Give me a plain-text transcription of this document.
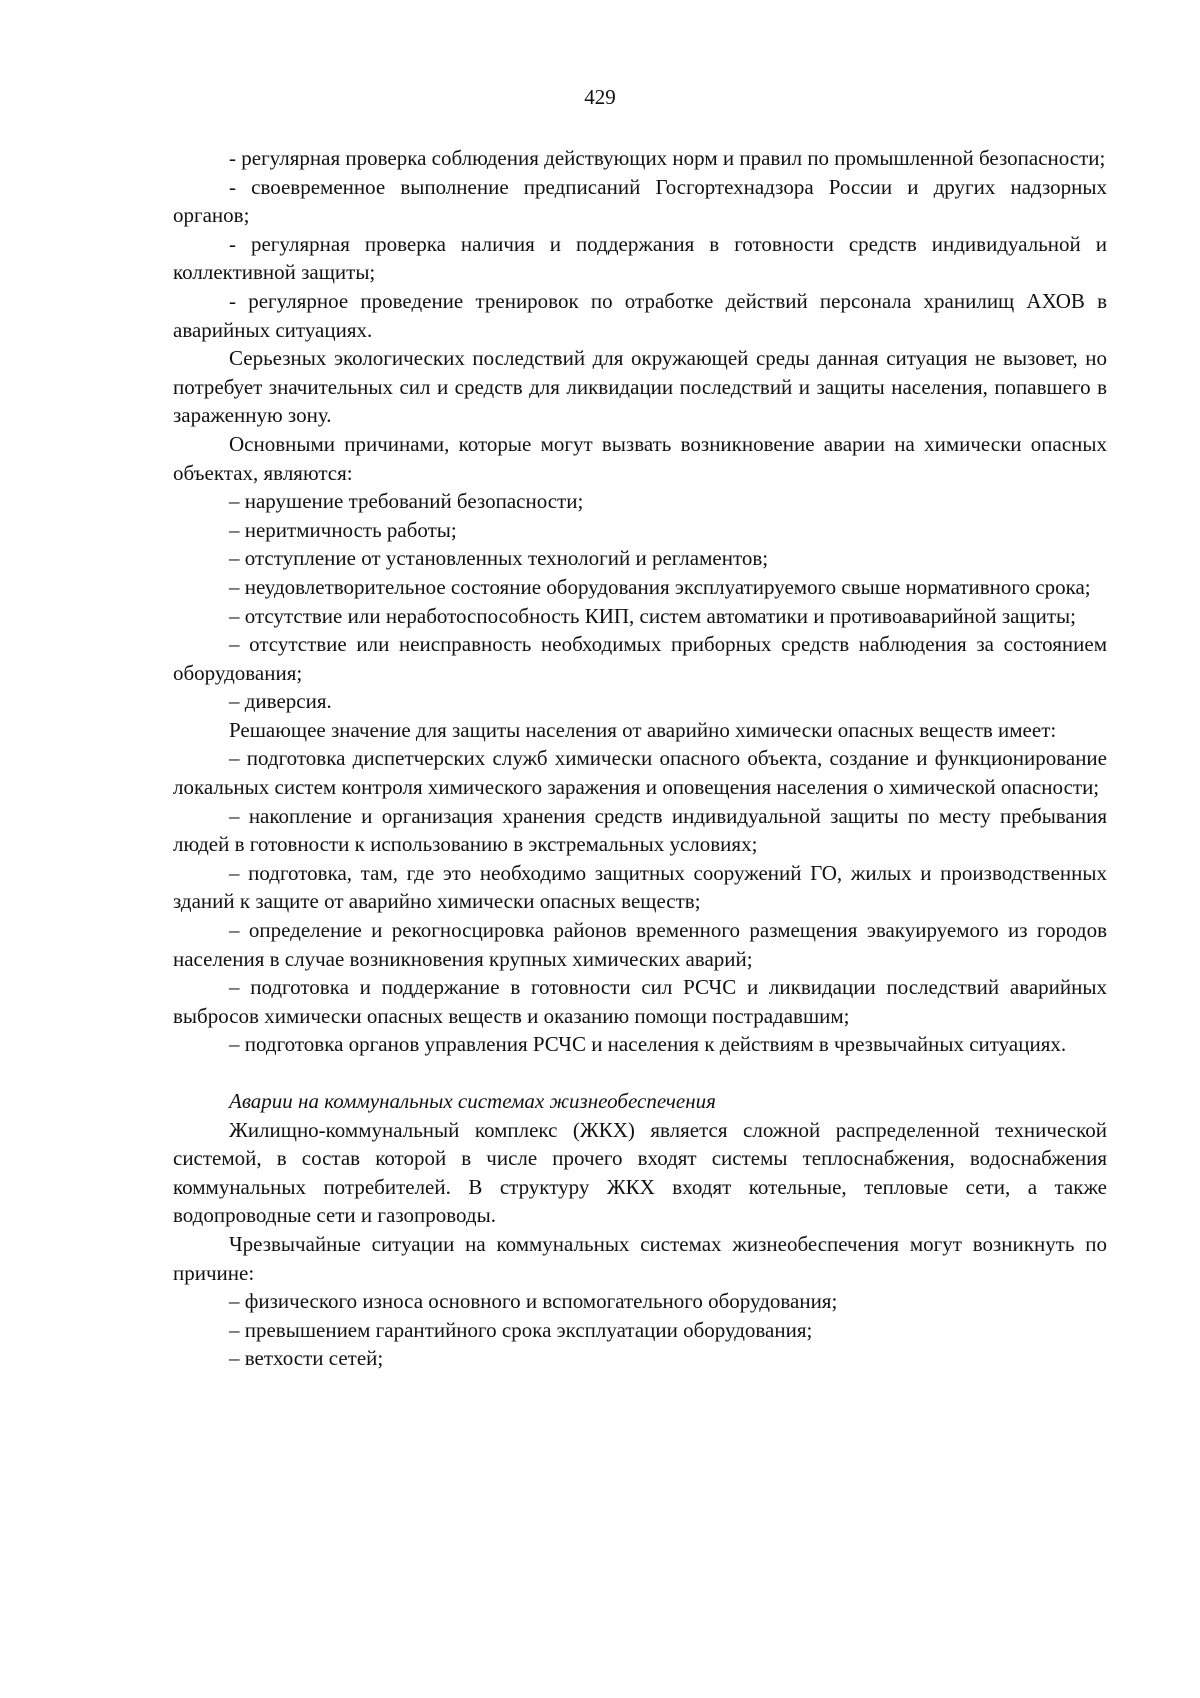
429

- регулярная проверка соблюдения действующих норм и правил по промышленной безопасности;

- своевременное выполнение предписаний Госгортехнадзора России и других надзорных органов;

- регулярная проверка наличия и поддержания в готовности средств индивидуальной и коллективной защиты;

- регулярное проведение тренировок по отработке действий персонала хранилищ АХОВ в аварийных ситуациях.

Серьезных экологических последствий для окружающей среды данная ситуация не вызовет, но потребует значительных сил и средств для ликвидации последствий и защиты населения, попавшего в зараженную зону.

Основными причинами, которые могут вызвать возникновение аварии на химически опасных объектах, являются:

– нарушение требований безопасности;

– неритмичность работы;

– отступление от установленных технологий и регламентов;

– неудовлетворительное состояние оборудования эксплуатируемого свыше нормативного срока;

– отсутствие или неработоспособность КИП, систем автоматики и противоаварийной защиты;

– отсутствие или неисправность необходимых приборных средств наблюдения за состоянием оборудования;

– диверсия.

Решающее значение для защиты населения от аварийно химически опасных веществ имеет:

– подготовка диспетчерских служб химически опасного объекта, создание и функционирование локальных систем контроля химического заражения и оповещения населения о химической опасности;

– накопление и организация хранения средств индивидуальной защиты по месту пребывания людей в готовности к использованию в экстремальных условиях;

– подготовка, там, где это необходимо защитных сооружений ГО, жилых и производственных зданий к защите от аварийно химически опасных веществ;

– определение и рекогносцировка районов временного размещения эвакуируемого из городов населения в случае возникновения крупных химических аварий;

– подготовка и поддержание в готовности сил РСЧС и ликвидации последствий аварийных выбросов химически опасных веществ и оказанию помощи пострадавшим;

– подготовка органов управления РСЧС и населения к действиям в чрезвычайных ситуациях.

Аварии на коммунальных системах жизнеобеспечения

Жилищно-коммунальный комплекс (ЖКХ) является сложной распределенной технической системой, в состав которой в числе прочего входят системы теплоснабжения, водоснабжения коммунальных потребителей. В структуру ЖКХ входят котельные, тепловые сети, а также водопроводные сети и газопроводы.

Чрезвычайные ситуации на коммунальных системах жизнеобеспечения могут возникнуть по причине:

– физического износа основного и вспомогательного оборудования;

– превышением гарантийного срока эксплуатации оборудования;

– ветхости сетей;
